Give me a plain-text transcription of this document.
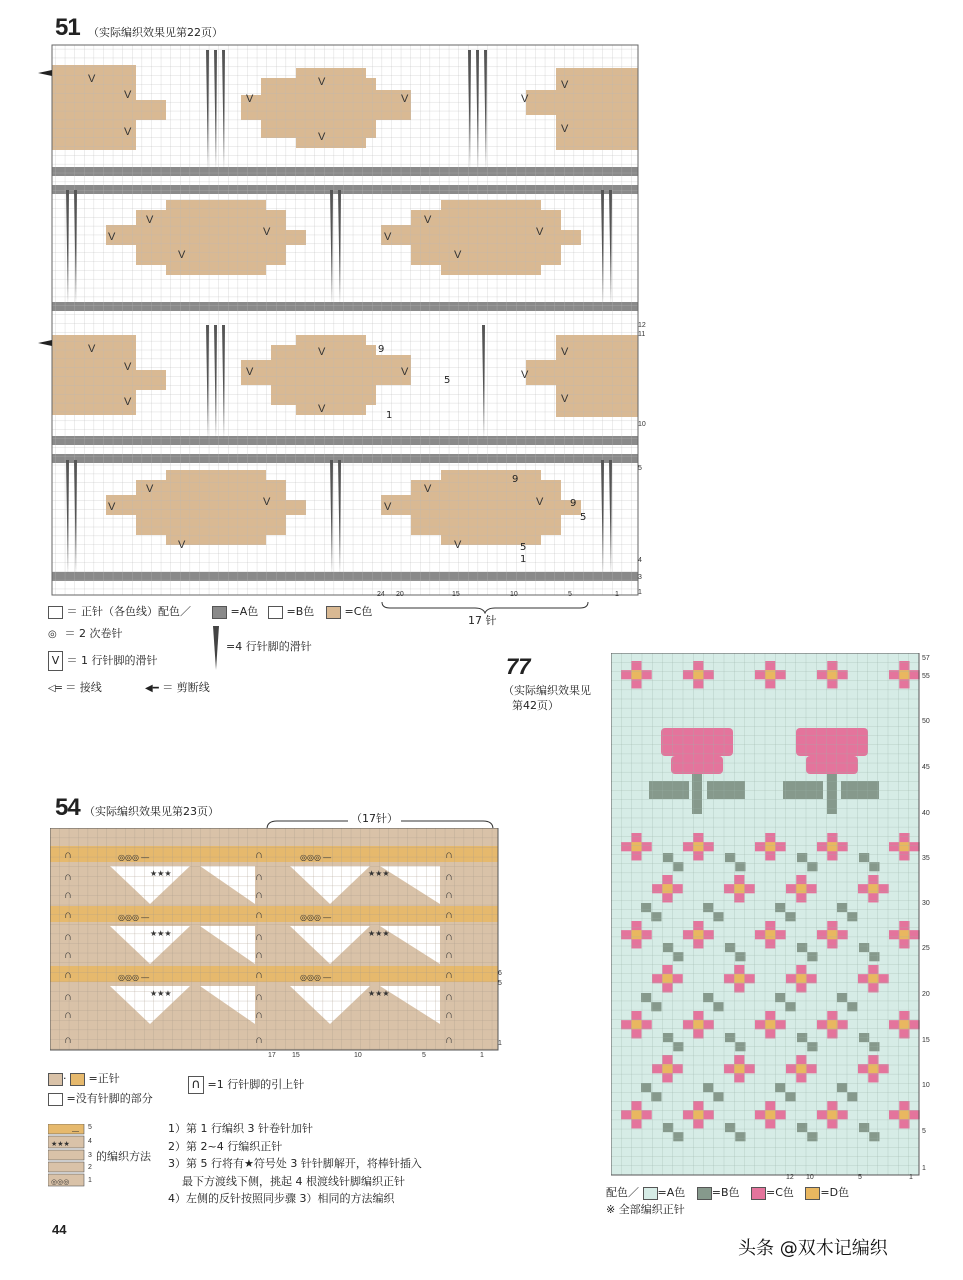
51 （实际编织效果见第22页）
V
V
V
V
V
V
V	V
V
V
V
V
V
V	V
V
V
V
V
V
V
V
V
V
V	V
V
V
V
V
V
V	V
V
V
V
12
11
10
5
4
3
1
24 20	15	10	5	1
9
5
1
9
5
1
5
9
17 针
＝ 正针（各色线）配色／	=A色	=B色	=C色
◎ ＝ 2 次卷针
V ＝ 1 行针脚的滑针
=4 行针脚的滑针
◁═ ＝ 接线	◀━ ＝ 剪断线
54 （实际编织效果见第23页）
（17针）
∩
∩
∩
∩
∩
∩
∩
∩
∩
∩
∩
∩
∩
∩
∩
∩
∩
∩
∩
∩
∩
∩
∩
∩
∩
∩
∩
∩
∩
∩
◎◎◎ —	◎◎◎ —
◎◎◎ —	◎◎◎ —
◎◎◎ —	◎◎◎ —
★★★	★★★
★★★	★★★
★★★	★★★
6
5
1
17 15	10	5	1
·  =正针
=没有针脚的部分
∩ =1 行针脚的引上针
★★★
◎◎◎
—
5
4
3
2
1
的编织方法
1）第 1 行编织 3 针卷针加针
2）第 2~4 行编织正针
3）第 5 行将有★符号处 3 针针脚解开，将棒针插入
最下方渡线下侧，挑起 4 根渡线针脚编织正针
4）左侧的反针按照同步骤 3）相同的方法编织
77
（实际编织效果见
第42页）
57
55
50
45
40
35
30
25
20
15
10
5
1
12 10	5	1
配色／ =A色 =B色 =C色 =D色
※ 全部编织正针
44
头条 @双木记编织
